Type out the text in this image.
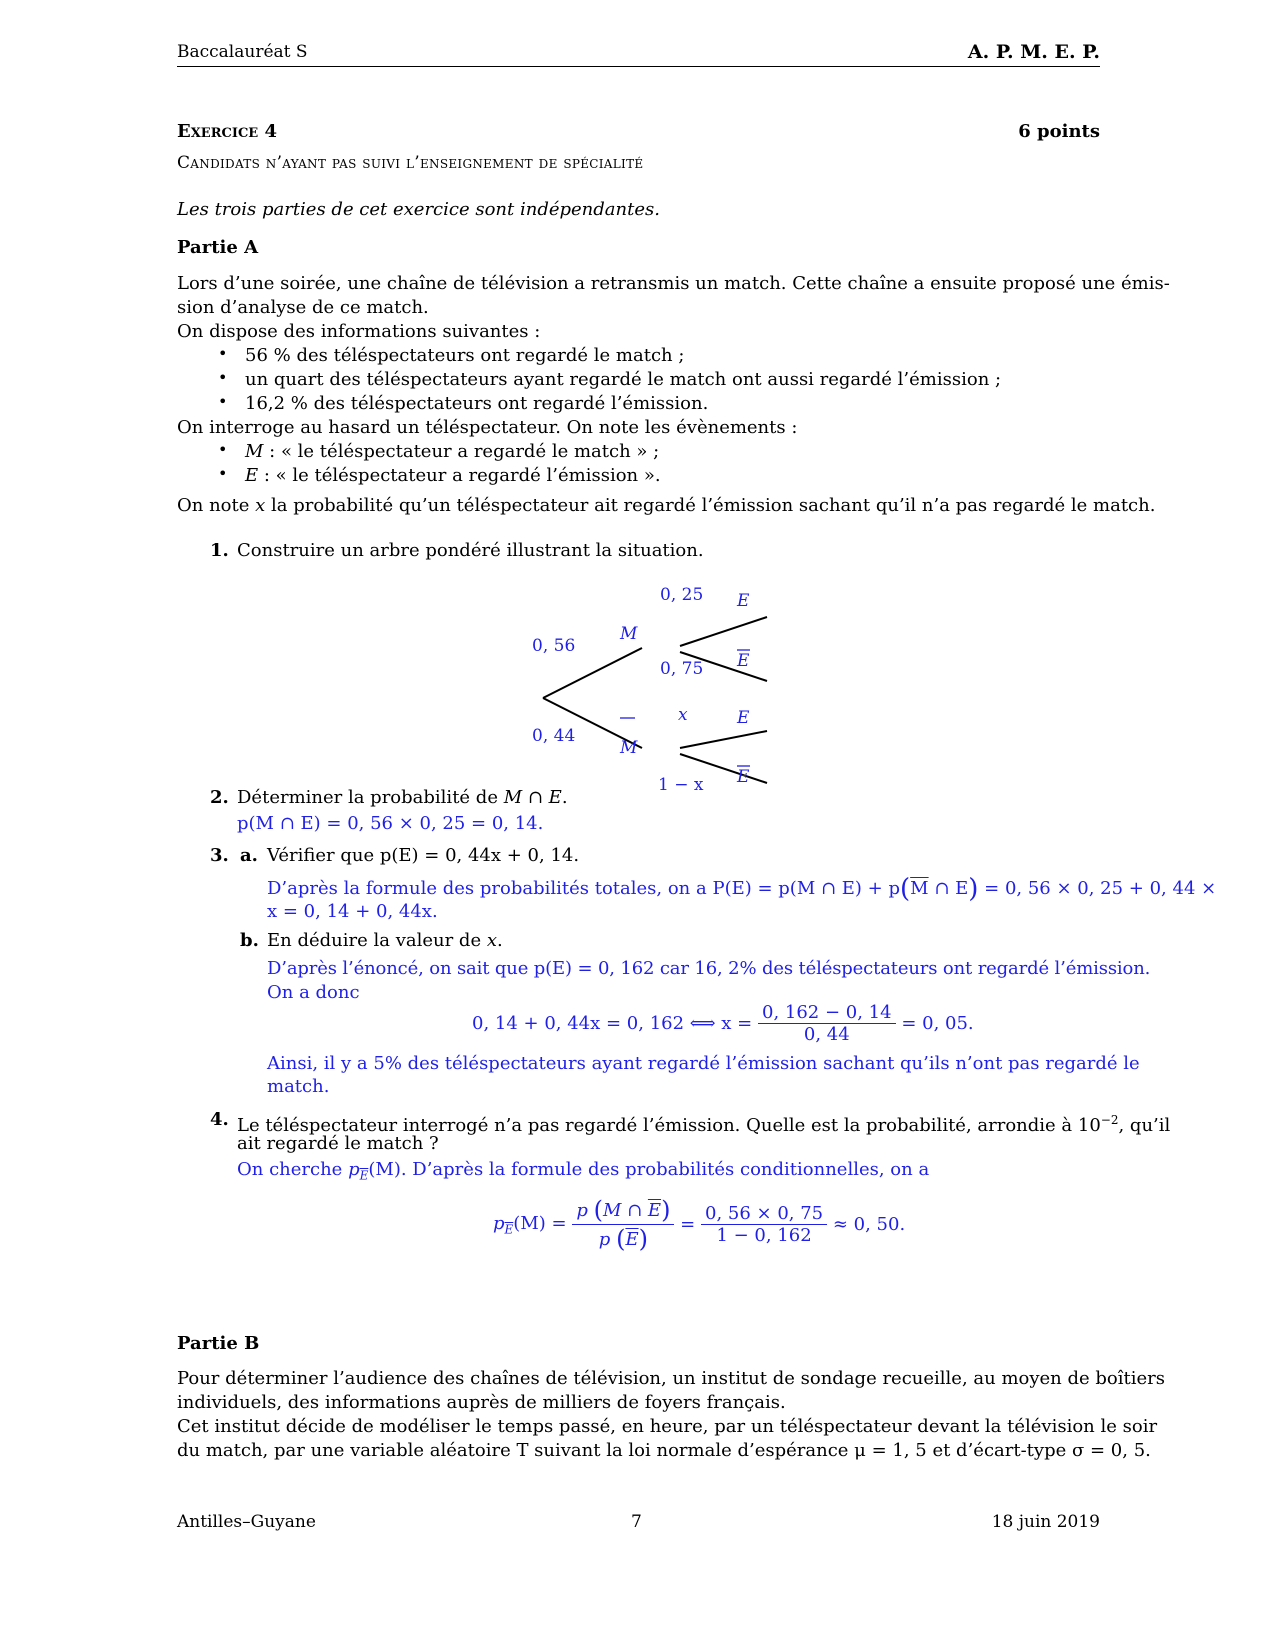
Baccalauréat S	A. P. M. E. P.
Exercice 4	6 points
Candidats n’ayant pas suivi l’enseignement de spécialité
Les trois parties de cet exercice sont indépendantes.
Partie A
Lors d’une soirée, une chaîne de télévision a retransmis un match. Cette chaîne a ensuite proposé une émis-
sion d’analyse de ce match.
On dispose des informations suivantes :
• 56 % des téléspectateurs ont regardé le match ;
• un quart des téléspectateurs ayant regardé le match ont aussi regardé l’émission ;
• 16,2 % des téléspectateurs ont regardé l’émission.
On interroge au hasard un téléspectateur. On note les évènements :
• M : « le téléspectateur a regardé le match » ;
• E : « le téléspectateur a regardé l’émission ».
On note x la probabilité qu’un téléspectateur ait regardé l’émission sachant qu’il n’a pas regardé le match.
1. Construire un arbre pondéré illustrant la situation.
0, 56
0, 44
0, 25
0, 75
x
1 − x
M
M
E
E
E
E
2. Déterminer la probabilité de M ∩ E.
p(M ∩ E) = 0, 56 × 0, 25 = 0, 14.
3. a. Vérifier que p(E) = 0, 44x + 0, 14.
D’après la formule des probabilités totales, on a P(E) = p(M ∩ $E) + p(\overline{M}$ ∩ E) = 0, 56 × 0, 25 + 0, 44 ×
x = 0, 14 + 0, 44x.
b. En déduire la valeur de x.
D’après l’énoncé, on sait que p(E) = 0, 162 car 16, 2% des téléspectateurs ont regardé l’émission.
On a donc
0, 14 + 0, 44x = 0, 162 ⟺ $x = \frac{0, 162 - 0, 14}{0, 44} = 0$, 05.
Ainsi, il y a 5% des téléspectateurs ayant regardé l’émission sachant qu’ils n’ont pas regardé le
match.
4. Le téléspectateur interrogé n’a pas regardé l’émission. Quelle est la probabilité, arrondie à $10^{-2}$, qu’il
ait regardé le match ?
On cherche $p_{\overline{E}}(M)$. D’après la formule des probabilités conditionnelles, on a
$p_{\overline{E}}(M) = \frac{p (M \cap \overline{E})}{p (\overline{E})} = \frac{0, 56 \times 0, 75}{1 - 0, 162} \approx 0$, 50.
Partie B
Pour déterminer l’audience des chaînes de télévision, un institut de sondage recueille, au moyen de boîtiers
individuels, des informations auprès de milliers de foyers français.
Cet institut décide de modéliser le temps passé, en heure, par un téléspectateur devant la télévision le soir
du match, par une variable aléatoire T suivant la loi normale d’espérance μ = 1, 5 et d’écart-type σ = 0, 5.
Antilles–Guyane	7	18 juin 2019
